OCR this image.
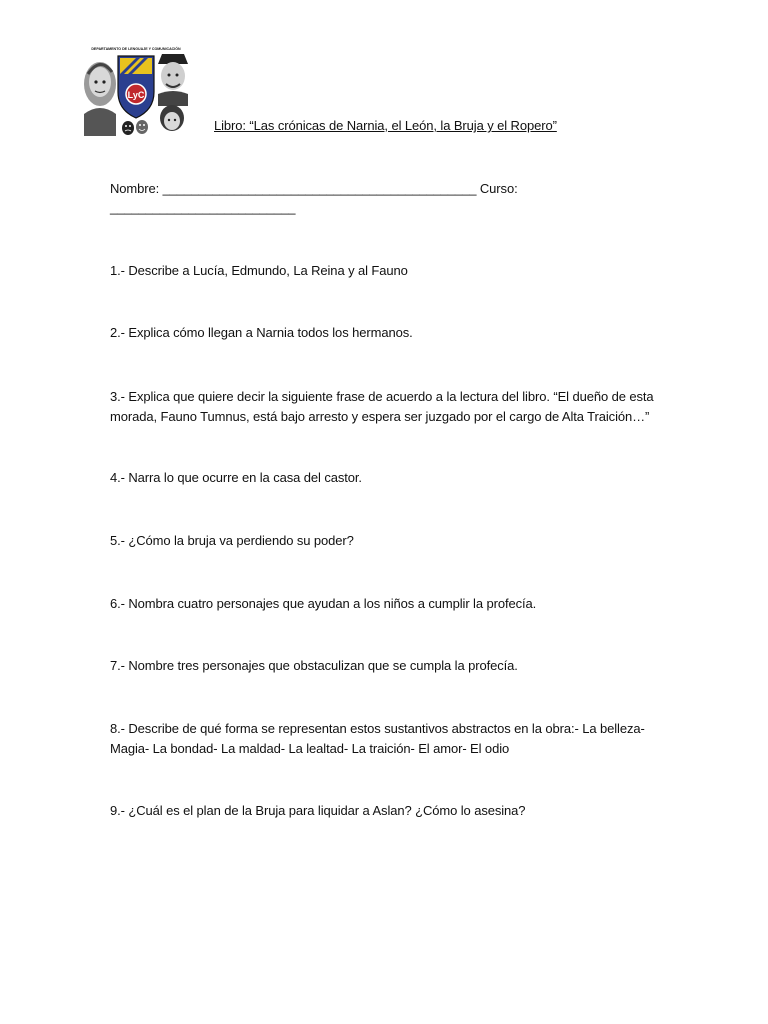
LyC
DEPARTAMENTO DE LENGUAJE Y COMUNICACIÓN
Libro: “Las crónicas de Narnia, el León, la Bruja y el Ropero”
Nombre: ____________________________________________ Curso:
__________________________
1.- Describe a Lucía, Edmundo, La Reina y al Fauno
2.- Explica cómo llegan a Narnia todos los hermanos.
3.- Explica que quiere decir la siguiente frase de acuerdo a la lectura del libro. “El dueño de esta morada, Fauno Tumnus, está bajo arresto y espera ser juzgado por el cargo de Alta Traición…”
4.- Narra lo que ocurre en la casa del castor.
5.- ¿Cómo la bruja va perdiendo su poder?
6.- Nombra cuatro personajes que ayudan a los niños a cumplir la profecía.
7.- Nombre tres personajes que obstaculizan que se cumpla la profecía.
8.- Describe de qué forma se representan estos sustantivos abstractos en la obra:- La belleza- Magia- La bondad- La maldad- La lealtad- La traición- El amor- El odio
9.- ¿Cuál es el plan de la Bruja para liquidar a Aslan? ¿Cómo lo asesina?
